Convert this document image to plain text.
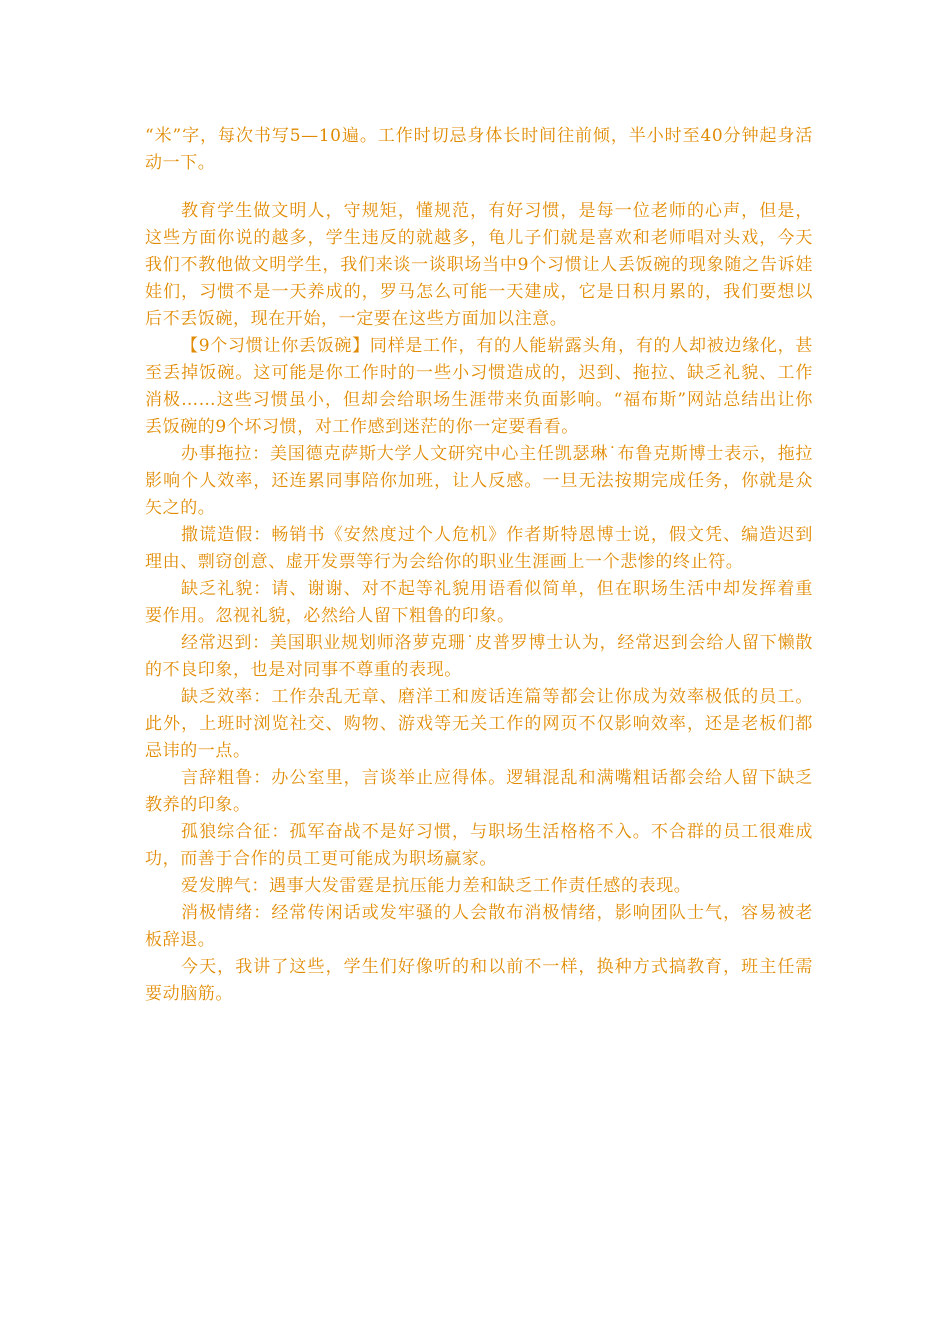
“米”字，每次书写5—10遍。工作时切忌身体长时间往前倾，半小时至40分钟起身活动一下。

教育学生做文明人，守规矩，懂规范，有好习惯，是每一位老师的心声，但是，这些方面你说的越多，学生违反的就越多，龟儿子们就是喜欢和老师唱对头戏，今天我们不教他做文明学生，我们来谈一谈职场当中9个习惯让人丢饭碗的现象随之告诉娃娃们，习惯不是一天养成的，罗马怎么可能一天建成，它是日积月累的，我们要想以后不丢饭碗，现在开始，一定要在这些方面加以注意。

【9个习惯让你丢饭碗】同样是工作，有的人能崭露头角，有的人却被边缘化，甚至丢掉饭碗。这可能是你工作时的一些小习惯造成的，迟到、拖拉、缺乏礼貌、工作消极……这些习惯虽小，但却会给职场生涯带来负面影响。“福布斯”网站总结出让你丢饭碗的9个坏习惯，对工作感到迷茫的你一定要看看。

办事拖拉：美国德克萨斯大学人文研究中心主任凯瑟琳˙布鲁克斯博士表示，拖拉影响个人效率，还连累同事陪你加班，让人反感。一旦无法按期完成任务，你就是众矢之的。

撒谎造假：畅销书《安然度过个人危机》作者斯特恩博士说，假文凭、编造迟到理由、剽窃创意、虚开发票等行为会给你的职业生涯画上一个悲惨的终止符。

缺乏礼貌：请、谢谢、对不起等礼貌用语看似简单，但在职场生活中却发挥着重要作用。忽视礼貌，必然给人留下粗鲁的印象。

经常迟到：美国职业规划师洛萝克珊˙皮普罗博士认为，经常迟到会给人留下懒散的不良印象，也是对同事不尊重的表现。

缺乏效率：工作杂乱无章、磨洋工和废话连篇等都会让你成为效率极低的员工。此外，上班时浏览社交、购物、游戏等无关工作的网页不仅影响效率，还是老板们都忌讳的一点。

言辞粗鲁：办公室里，言谈举止应得体。逻辑混乱和满嘴粗话都会给人留下缺乏教养的印象。

孤狼综合征：孤军奋战不是好习惯，与职场生活格格不入。不合群的员工很难成功，而善于合作的员工更可能成为职场赢家。

爱发脾气：遇事大发雷霆是抗压能力差和缺乏工作责任感的表现。

消极情绪：经常传闲话或发牢骚的人会散布消极情绪，影响团队士气，容易被老板辞退。

今天，我讲了这些，学生们好像听的和以前不一样，换种方式搞教育，班主任需要动脑筋。
